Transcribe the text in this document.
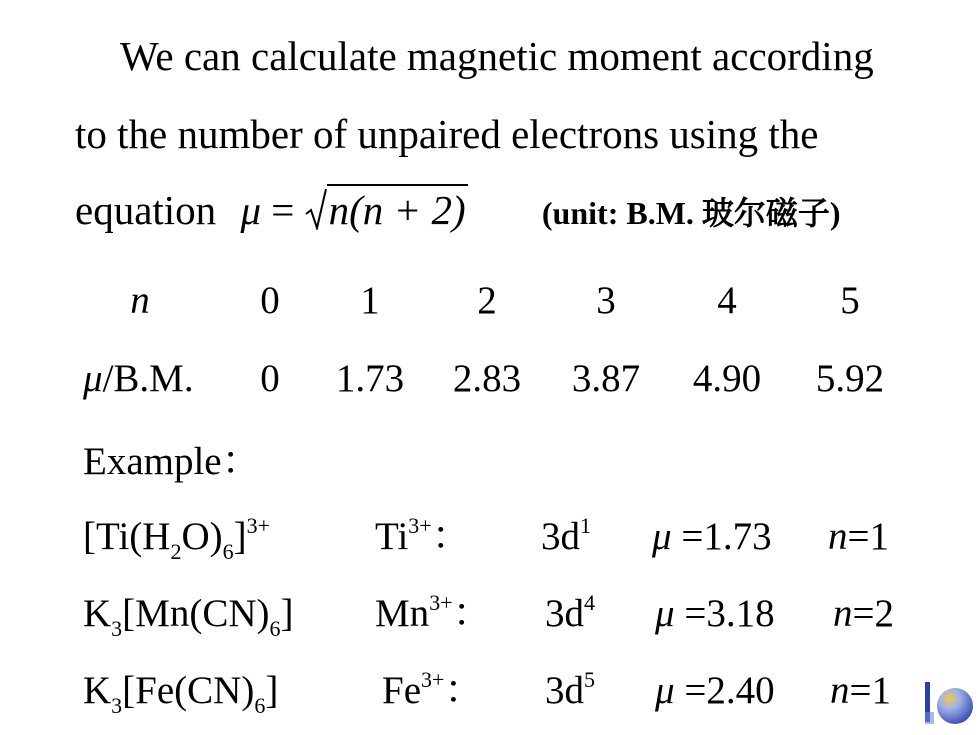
We can calculate magnetic moment according
to the number of unpaired electrons using the
equation μ =
n(n + 2) (unit: B.M. 玻尔磁子)
n	0 1	2	3	4	5
μ/B.M. 0	1.73	2.83	3.87	4.90	5.92
Example：
$[Ti(H_2O)_6]^{3+}$	$Ti^{3+}$： $3d^1$ μ =1.73 n=1
$K_3[Mn(CN)_6]$ $Mn^{3+}$： $3d^4$ μ =3.18 n=2
$K_3[Fe(CN)_6]$	$Fe^{3+}$： $3d^5$ μ =2.40 n=1
